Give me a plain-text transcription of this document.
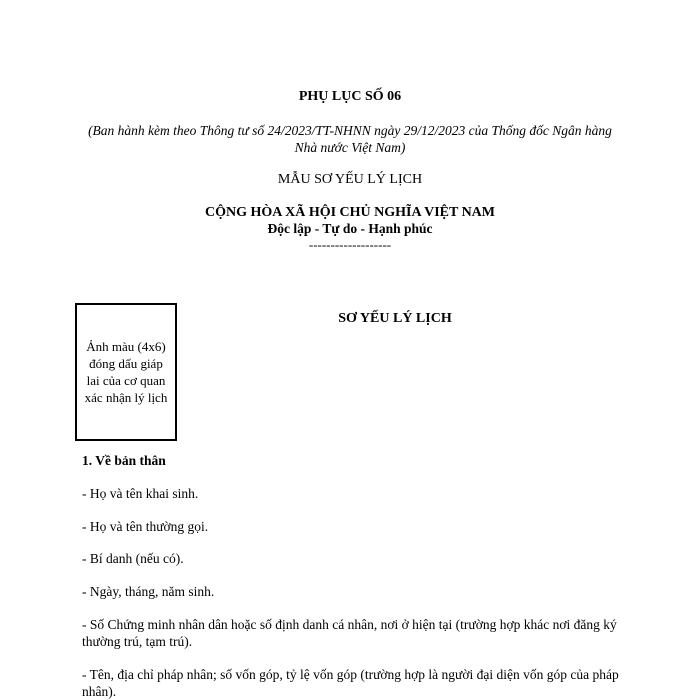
PHỤ LỤC SỐ 06
(Ban hành kèm theo Thông tư số 24/2023/TT-NHNN ngày 29/12/2023 của Thống đốc Ngân hàng Nhà nước Việt Nam)
MẪU SƠ YẾU LÝ LỊCH
CỘNG HÒA XÃ HỘI CHỦ NGHĨA VIỆT NAM
Độc lập - Tự do - Hạnh phúc
-------------------
Ảnh màu (4x6) đóng dấu giáp lai của cơ quan xác nhận lý lịch
SƠ YẾU LÝ LỊCH
1. Về bản thân
- Họ và tên khai sinh.
- Họ và tên thường gọi.
- Bí danh (nếu có).
- Ngày, tháng, năm sinh.
- Số Chứng minh nhân dân hoặc số định danh cá nhân, nơi ở hiện tại (trường hợp khác nơi đăng ký thường trú, tạm trú).
- Tên, địa chỉ pháp nhân; số vốn góp, tỷ lệ vốn góp (trường hợp là người đại diện vốn góp của pháp nhân).
